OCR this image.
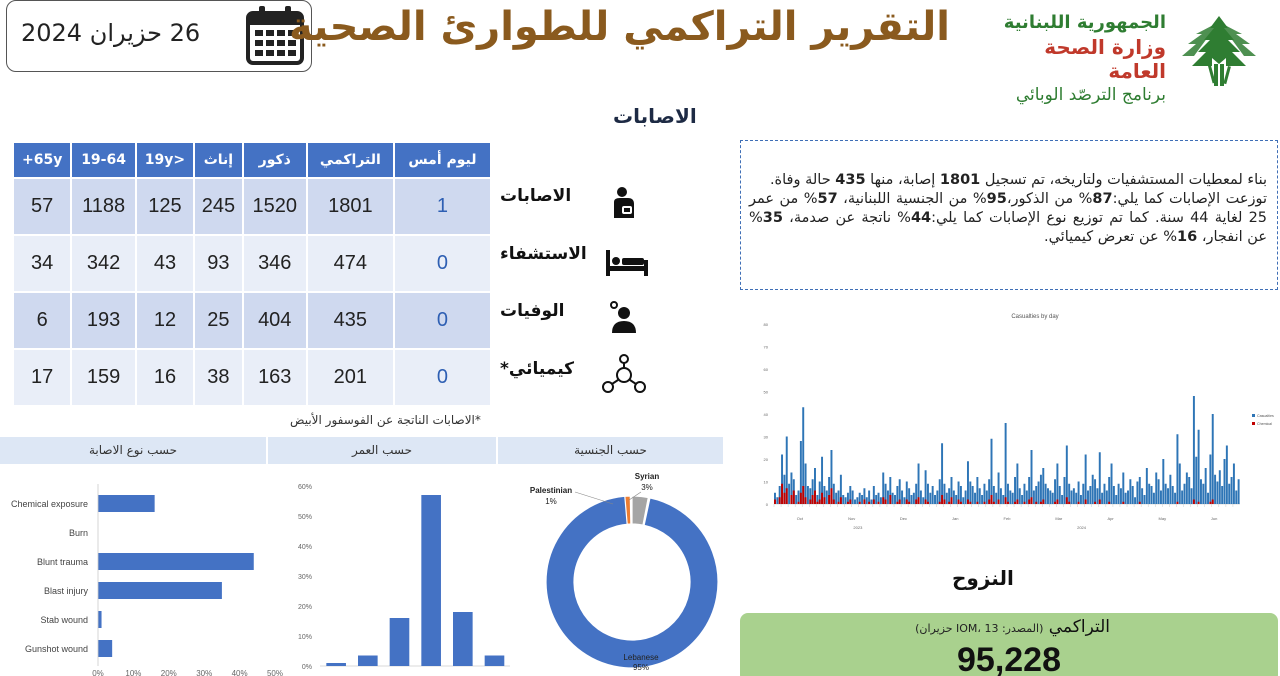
26 حزيران 2024 التقرير التراكمي للطوارئ الصحية	الجمهورية اللبنانية
وزارة الصحة العامة
برنامج الترصّد الوبائي
الاصابات
ليوم أمس	التراكمي	ذكور	إناث	<19y	19-64	65y+
1	1801	1520	245	125	1188	57
0	474	346	93	43	342	34
0	435	404	25	12	193	6
0	201	163	38	16	159	17
الاصابات
الاستشفاء
الوفيات
كيميائي*
*الاصابات الناتجة عن الفوسفور الأبيض
بناء لمعطيات المستشفيات ولتاريخه، تم تسجيل 1801 إصابة، منها 435 حالة وفاة.
توزعت الإصابات كما يلي:87% من الذكور،95% من الجنسية اللبنانية، 57% من عمر 25 لغاية 44 سنة. كما تم توزيع نوع الإصابات كما يلي:44% ناتجة عن صدمة، 35% عن انفجار، 16% عن تعرض كيميائي.
Casualties by day
0
10
20
30
40
50
60
70
80
Oct	Nov	Dec	Jan	Feb	Mar	Apr	May	Jun
2023	2024
Casualties
Chemical
حسب نوع الاصابة	حسب العمر	حسب الجنسية
Chemical exposure
Burn
Blunt trauma
Blast injury
Stab wound
Gunshot wound
0%	10% 20% 30% 40% 50%
0%
10%
20%
30%
40%
50%
60%
Lebanese
95%
Palestinian
1%
Syrian
3%
النزوح
التراكمي (المصدر: IOM، 13 حزيران)
95,228
